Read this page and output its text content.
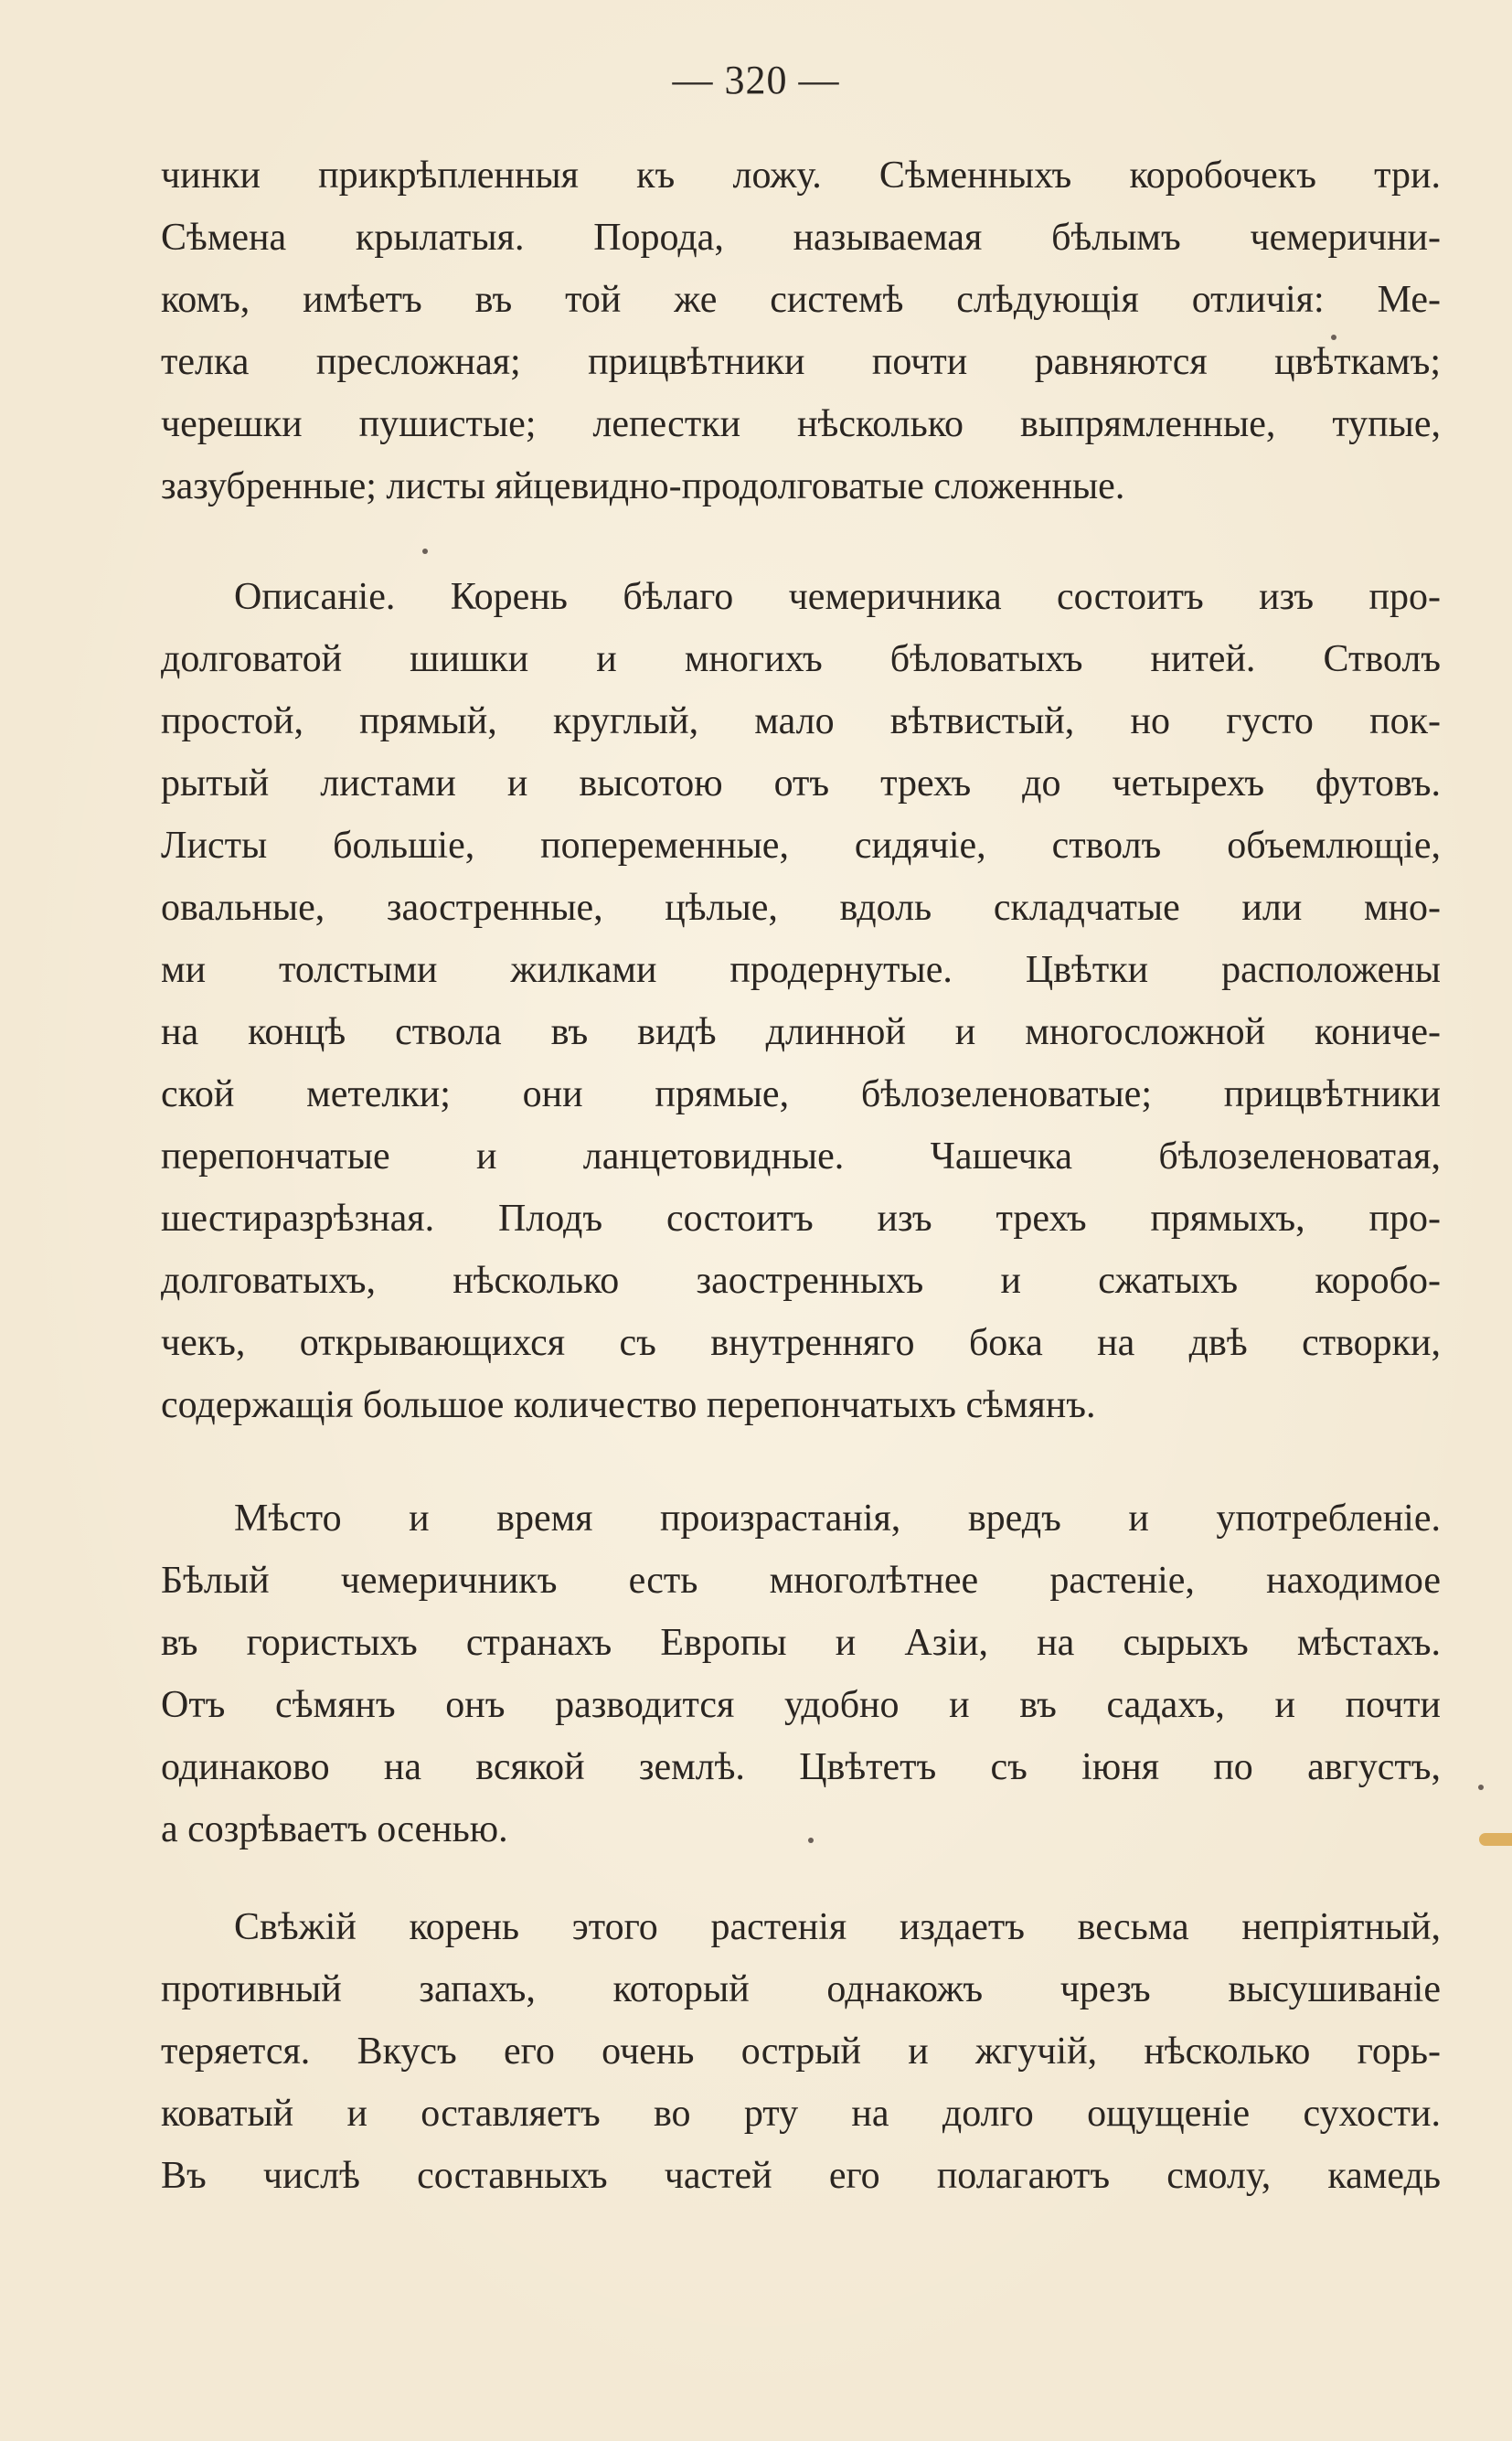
— 320 —
чинки прикрѣпленныя къ ложу. Сѣменныхъ коробочекъ три.
Сѣмена крылатыя. Порода, называемая бѣлымъ чемерични-
комъ, имѣетъ въ той же системѣ слѣдующія отличія: Ме-
телка пресложная; прицвѣтники почти равняются цвѣткамъ;
черешки пушистые; лепестки нѣсколько выпрямленные, тупые,
зазубренные; листы яйцевидно-продолговатые сложенные.
Описаніе. Корень бѣлаго чемеричника состоитъ изъ про-
долговатой шишки и многихъ бѣловатыхъ нитей. Стволъ
простой, прямый, круглый, мало вѣтвистый, но густо пок-
рытый листами и высотою отъ трехъ до четырехъ футовъ.
Листы большіе, попеременные, сидячіе, стволъ объемлющіе,
овальные, заостренные, цѣлые, вдоль складчатые или мно-
ми толстыми жилками продернутые. Цвѣтки расположены
на концѣ ствола въ видѣ длинной и многосложной коничe-
ской метелки; они прямые, бѣлозеленоватые; прицвѣтники
перепончатые и ланцетовидные. Чашечка бѣлозеленоватая,
шестиразрѣзная. Плодъ состоитъ изъ трехъ прямыхъ, про-
долговатыхъ, нѣсколько заостренныхъ и сжатыхъ коробо-
чекъ, открывающихся съ внутренняго бока на двѣ створки,
содержащія большое количество перепончатыхъ сѣмянъ.
Мѣсто и время произрастанія, вредъ и употребленіе.
Бѣлый чемеричникъ есть многолѣтнее растеніе, находимое
въ гористыхъ странахъ Европы и Азіи, на сырыхъ мѣстахъ.
Отъ сѣмянъ онъ разводится удобно и въ садахъ, и почти
одинаково на всякой землѣ. Цвѣтетъ съ іюня по августъ,
а созрѣваетъ осенью.
Свѣжій корень этого растенія издаетъ весьма непріятный,
противный запахъ, который однакожъ чрезъ высушиваніе
теряется. Вкусъ его очень острый и жгучій, нѣсколько горь-
коватый и оставляетъ во рту на долго ощущеніе сухости.
Въ числѣ составныхъ частей его полагаютъ смолу, камедь
